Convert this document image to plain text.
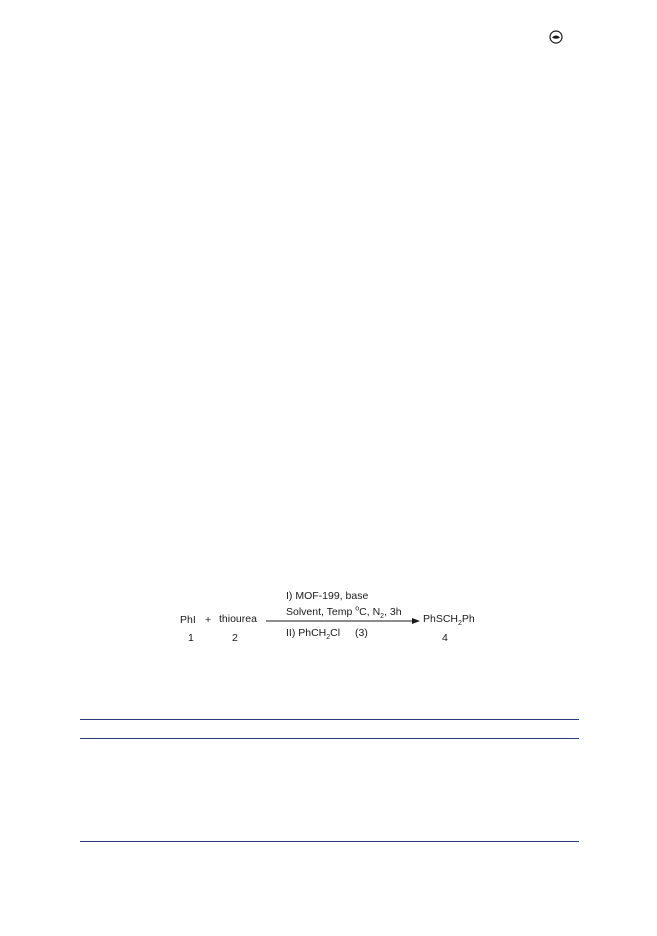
PhI
1
+ thiourea
2
I) MOF-199, base
Solvent, Temp $^o$C, $N_2$, 3h
II) PhCH$_2$Cl (3)
PhSCH$_2$Ph
4
